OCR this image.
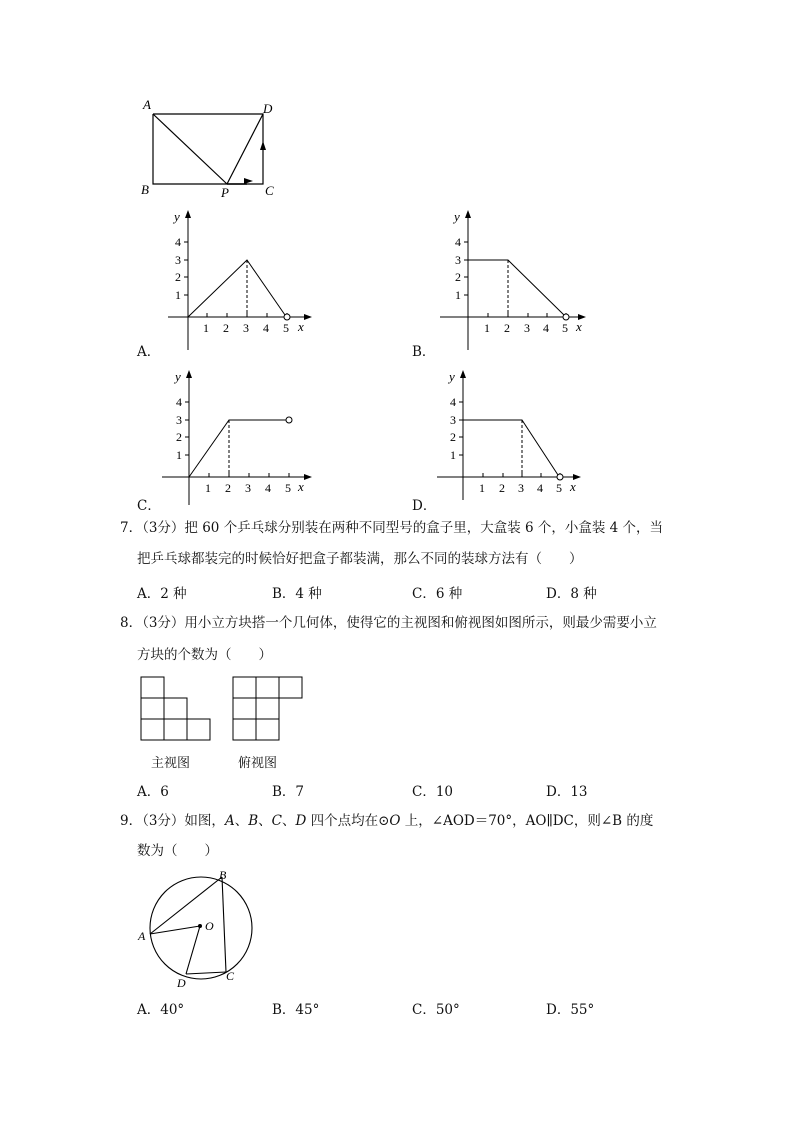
A	D
B	P	C
y
4
3
2
1
1 2 3 4 5 x
A．
y
4
3
2
1
1 2 3 4 5 x
B．
y
4
3
2
1
1 2 3 4 5 x
C．
y
4
3
2
1
1 2 3 4 5 x
D．
7．（3分）把 60 个乒乓球分别装在两种不同型号的盒子里，大盒装 6 个，小盒装 4 个，当
把乒乓球都装完的时候恰好把盒子都装满，那么不同的装球方法有（　　）
A．2 种	B．4 种	C．6 种	D．8 种
8．（3分）用小立方块搭一个几何体，使得它的主视图和俯视图如图所示，则最少需要小立
方块的个数为（　　）
主视图	俯视图
A．6	B．7	C．10	D．13
9．（3分）如图，A、B、C、D 四个点均在⊙O 上，∠AOD＝70°，AO∥DC，则∠B 的度
数为（　　）
B
O
A
D	C
A．40°	B．45°	C．50°	D．55°
